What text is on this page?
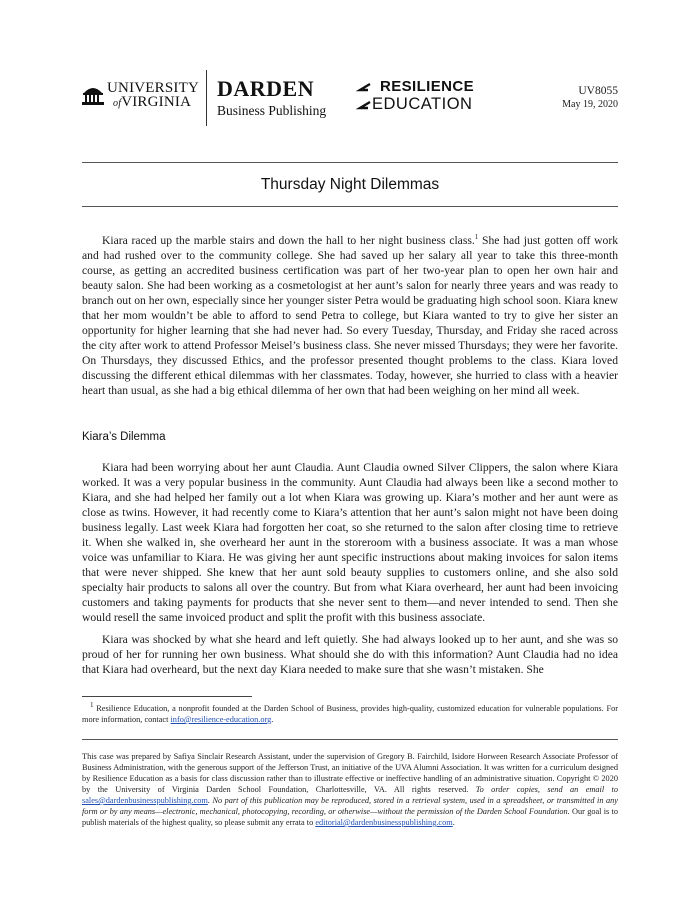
UNIVERSITY
ofVIRGINIA
DARDEN
Business Publishing
RESILIENCE
EDUCATION
UV8055
May 19, 2020
Thursday Night Dilemmas

Kiara raced up the marble stairs and down the hall to her night business class.$^1$ She had just gotten off work and had rushed over to the community college. She had saved up her salary all year to take this three-month course, as getting an accredited business certification was part of her two-year plan to open her own hair and beauty salon. She had been working as a cosmetologist at her aunt’s salon for nearly three years and was ready to branch out on her own, especially since her younger sister Petra would be graduating high school soon. Kiara knew that her mom wouldn’t be able to afford to send Petra to college, but Kiara wanted to try to give her sister an opportunity for higher learning that she had never had. So every Tuesday, Thursday, and Friday she raced across the city after work to attend Professor Meisel’s business class. She never missed Thursdays; they were her favorite. On Thursdays, they discussed Ethics, and the professor presented thought problems to the class. Kiara loved discussing the different ethical dilemmas with her classmates. Today, however, she hurried to class with a heavier heart than usual, as she had a big ethical dilemma of her own that had been weighing on her mind all week.

Kiara’s Dilemma

Kiara had been worrying about her aunt Claudia. Aunt Claudia owned Silver Clippers, the salon where Kiara worked. It was a very popular business in the community. Aunt Claudia had always been like a second mother to Kiara, and she had helped her family out a lot when Kiara was growing up. Kiara’s mother and her aunt were as close as twins. However, it had recently come to Kiara’s attention that her aunt’s salon might not have been doing business legally. Last week Kiara had forgotten her coat, so she returned to the salon after closing time to retrieve it. When she walked in, she overheard her aunt in the storeroom with a business associate. It was a man whose voice was unfamiliar to Kiara. He was giving her aunt specific instructions about making invoices for salon items that were never shipped. She knew that her aunt sold beauty supplies to customers online, and she also sold specialty hair products to salons all over the country. But from what Kiara overheard, her aunt had been invoicing customers and taking payments for products that she never sent to them—and never intended to send. Then she would resell the same invoiced product and split the profit with this business associate.

Kiara was shocked by what she heard and left quietly. She had always looked up to her aunt, and she was so proud of her for running her own business. What should she do with this information? Aunt Claudia had no idea that Kiara had overheard, but the next day Kiara needed to make sure that she wasn’t mistaken. She

$^1$ Resilience Education, a nonprofit founded at the Darden School of Business, provides high-quality, customized education for vulnerable populations. For more information, contact info@resilience-education.org.

This case was prepared by Safiya Sinclair Research Assistant, under the supervision of Gregory B. Fairchild, Isidore Horween Research Associate Professor of Business Administration, with the generous support of the Jefferson Trust, an initiative of the UVA Alumni Association. It was written for a curriculum designed by Resilience Education as a basis for class discussion rather than to illustrate effective or ineffective handling of an administrative situation. Copyright © 2020 by the University of Virginia Darden School Foundation, Charlottesville, VA. All rights reserved. To order copies, send an email to sales@dardenbusinesspublishing.com. No part of this publication may be reproduced, stored in a retrieval system, used in a spreadsheet, or transmitted in any form or by any means—electronic, mechanical, photocopying, recording, or otherwise—without the permission of the Darden School Foundation. Our goal is to publish materials of the highest quality, so please submit any errata to editorial@dardenbusinesspublishing.com.
